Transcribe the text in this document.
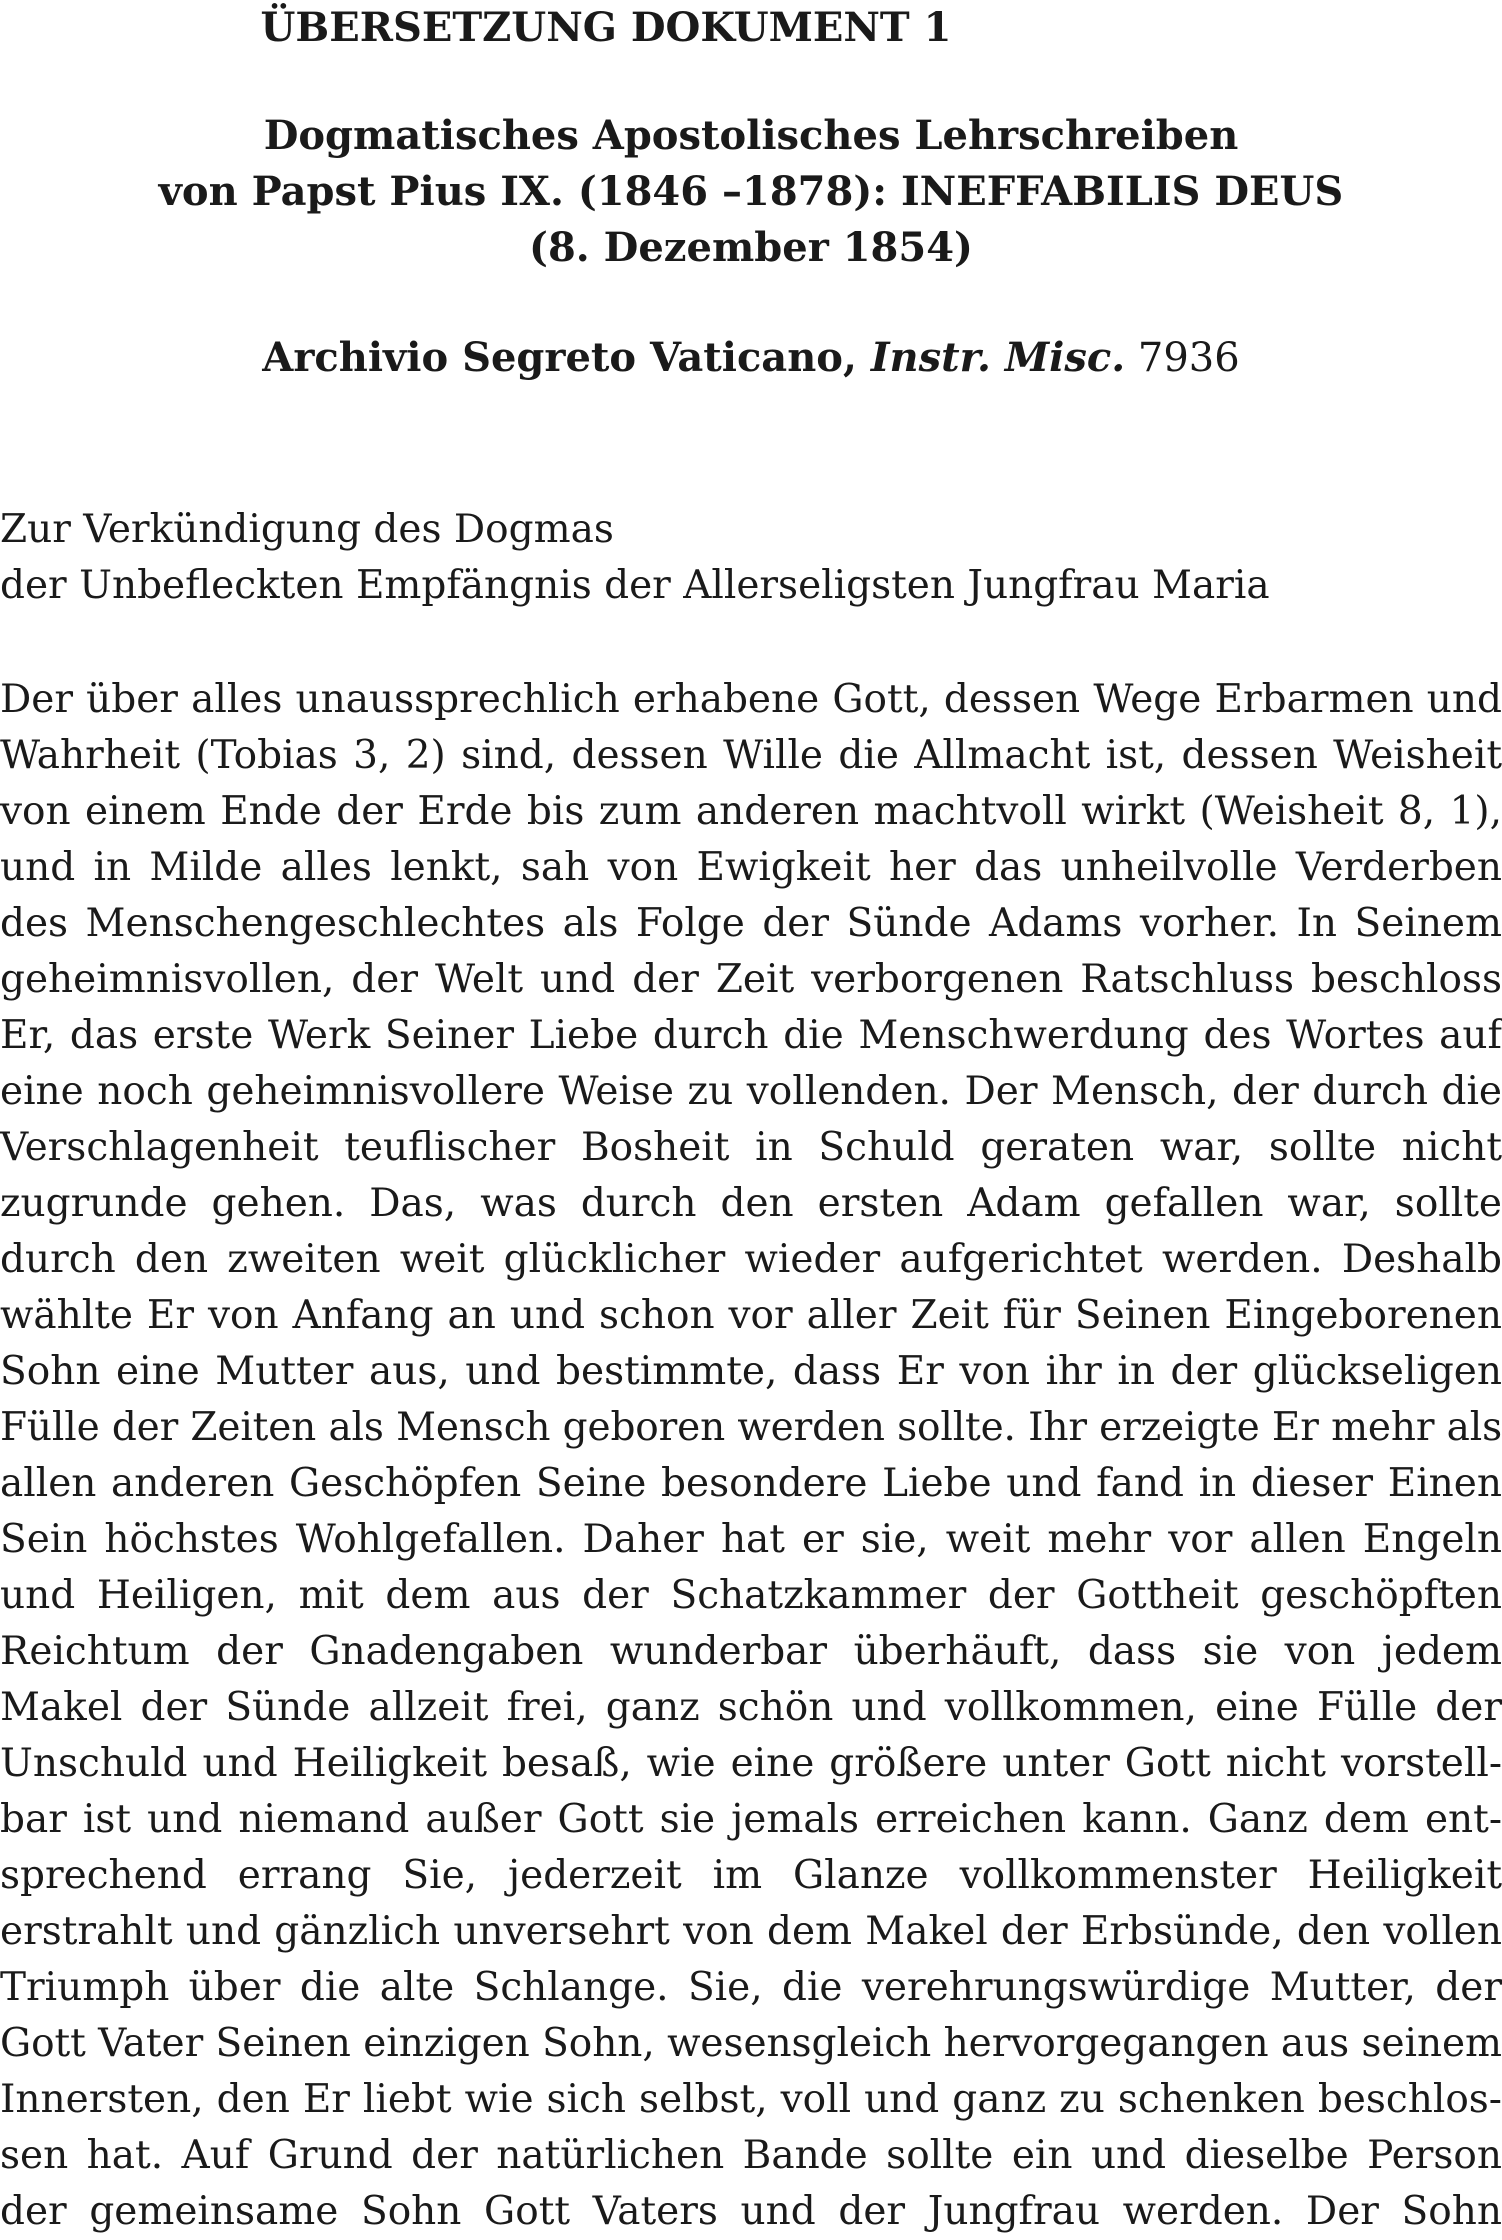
ÜBERSETZUNG DOKUMENT 1
Dogmatisches Apostolisches Lehrschreiben
von Papst Pius IX. (1846 –1878): INEFFABILIS DEUS
(8. Dezember 1854)
Archivio Segreto Vaticano, Instr. Misc. 7936
Zur Verkündigung des Dogmas
der Unbefleckten Empfängnis der Allerseligsten Jungfrau Maria
Der über alles unaussprechlich erhabene Gott, dessen Wege Erbarmen und
Wahrheit (Tobias 3, 2) sind, dessen Wille die Allmacht ist, dessen Weisheit
von einem Ende der Erde bis zum anderen machtvoll wirkt (Weisheit 8, 1),
und in Milde alles lenkt, sah von Ewigkeit her das unheilvolle Verderben
des Menschengeschlechtes als Folge der Sünde Adams vorher. In Seinem
geheimnisvollen, der Welt und der Zeit verborgenen Ratschluss beschloss
Er, das erste Werk Seiner Liebe durch die Menschwerdung des Wortes auf
eine noch geheimnisvollere Weise zu vollenden. Der Mensch, der durch die
Verschlagenheit teuflischer Bosheit in Schuld geraten war, sollte nicht
zugrunde gehen. Das, was durch den ersten Adam gefallen war, sollte
durch den zweiten weit glücklicher wieder aufgerichtet werden. Deshalb
wählte Er von Anfang an und schon vor aller Zeit für Seinen Eingeborenen
Sohn eine Mutter aus, und bestimmte, dass Er von ihr in der glückseligen
Fülle der Zeiten als Mensch geboren werden sollte. Ihr erzeigte Er mehr als
allen anderen Geschöpfen Seine besondere Liebe und fand in dieser Einen
Sein höchstes Wohlgefallen. Daher hat er sie, weit mehr vor allen Engeln
und Heiligen, mit dem aus der Schatzkammer der Gottheit geschöpften
Reichtum der Gnadengaben wunderbar überhäuft, dass sie von jedem
Makel der Sünde allzeit frei, ganz schön und vollkommen, eine Fülle der
Unschuld und Heiligkeit besaß, wie eine größere unter Gott nicht vorstell-
bar ist und niemand außer Gott sie jemals erreichen kann. Ganz dem ent-
sprechend errang Sie, jederzeit im Glanze vollkommenster Heiligkeit
erstrahlt und gänzlich unversehrt von dem Makel der Erbsünde, den vollen
Triumph über die alte Schlange. Sie, die verehrungswürdige Mutter, der
Gott Vater Seinen einzigen Sohn, wesensgleich hervorgegangen aus seinem
Innersten, den Er liebt wie sich selbst, voll und ganz zu schenken beschlos-
sen hat. Auf Grund der natürlichen Bande sollte ein und dieselbe Person
der gemeinsame Sohn Gott Vaters und der Jungfrau werden. Der Sohn
